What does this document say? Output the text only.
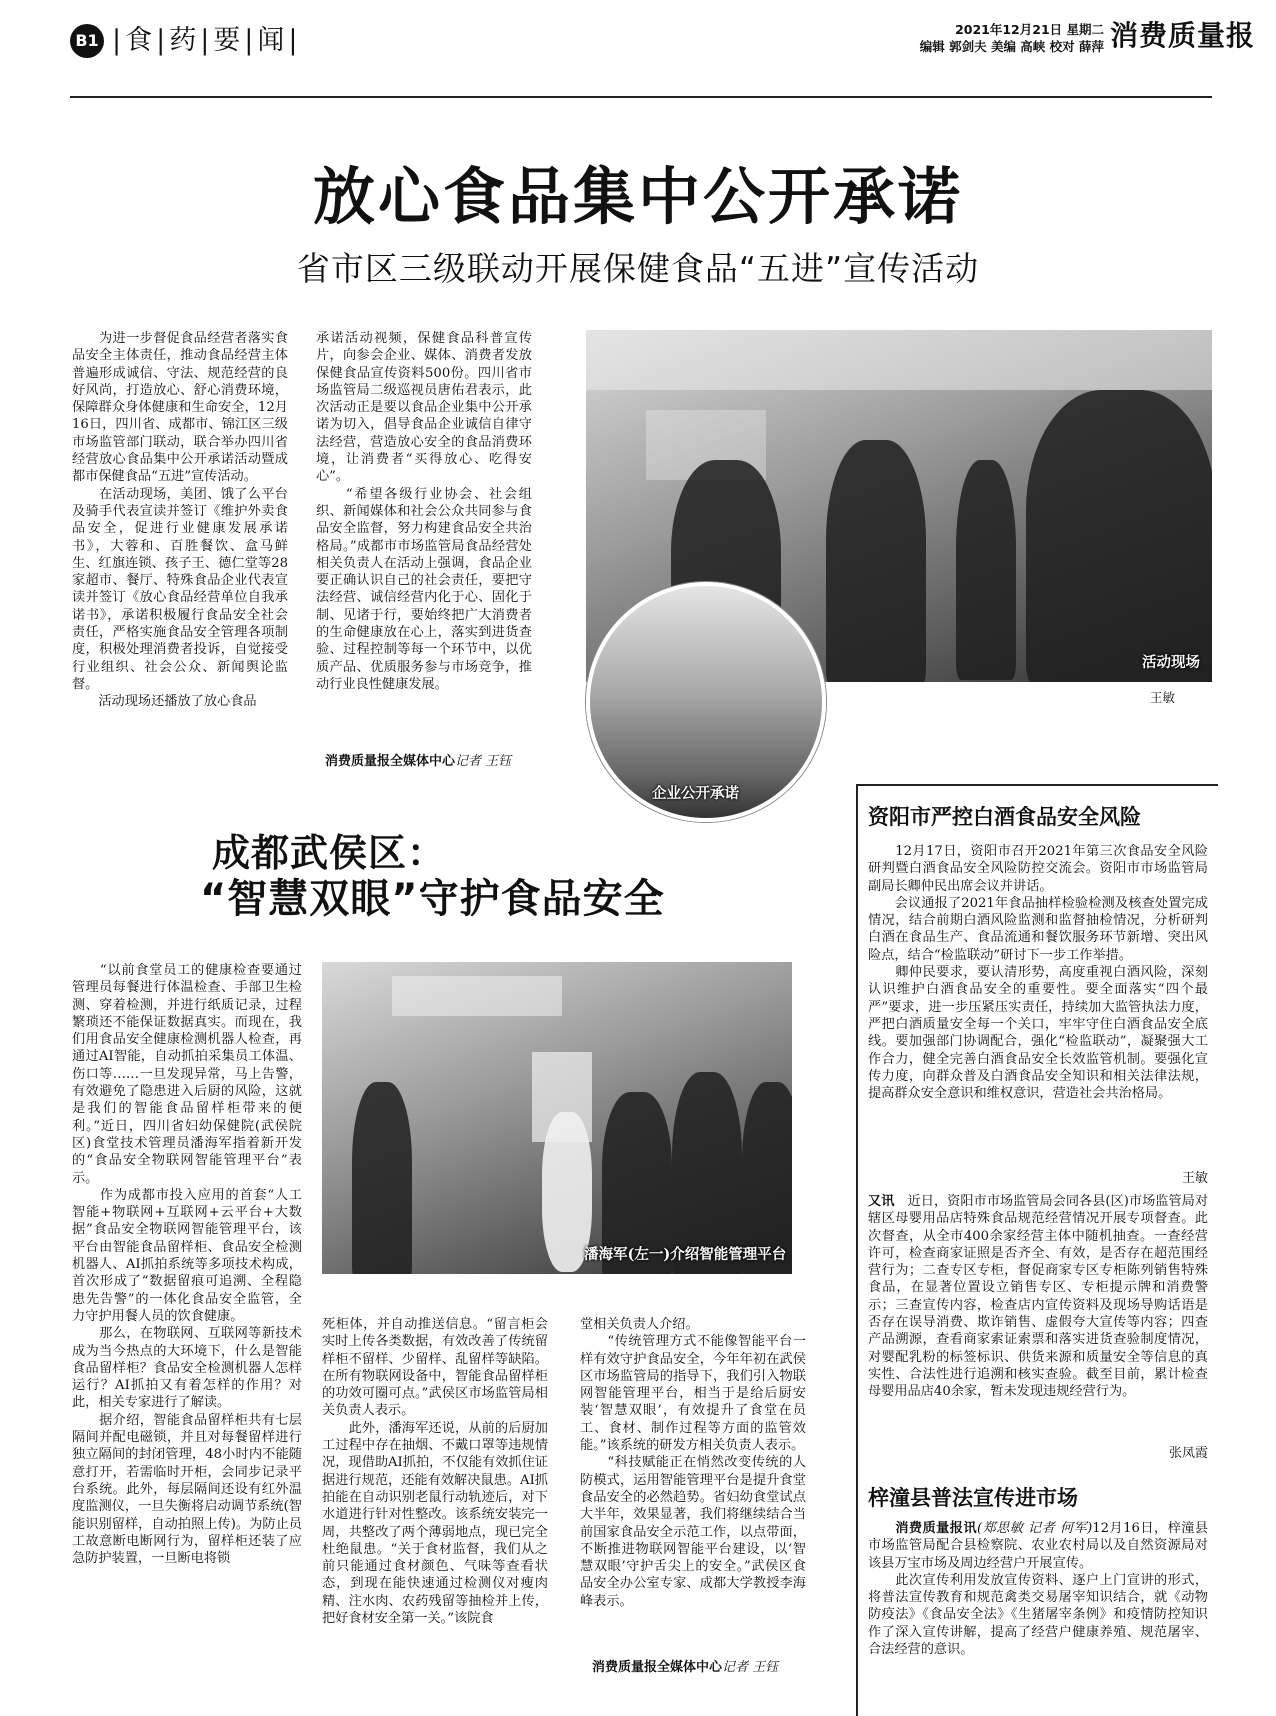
B1 |食|药|要|闻|	2021年12月21日 星期二
编辑 郭剑夫 美编 高峡 校对 薛萍 消费质量报
放心食品集中公开承诺
省市区三级联动开展保健食品“五进”宣传活动
　　为进一步督促食品经营者落实食品安全主体责任，推动食品经营主体普遍形成诚信、守法、规范经营的良好风尚，打造放心、舒心消费环境，保障群众身体健康和生命安全，12月16日，四川省、成都市、锦江区三级市场监管部门联动，联合举办四川省经营放心食品集中公开承诺活动暨成都市保健食品“五进”宣传活动。
　　在活动现场，美团、饿了么平台及骑手代表宣读并签订《维护外卖食品安全，促进行业健康发展承诺书》，大蓉和、百胜餐饮、盒马鲜生、红旗连锁、孩子王、德仁堂等28家超市、餐厅、特殊食品企业代表宣读并签订《放心食品经营单位自我承诺书》，承诺积极履行食品安全社会责任，严格实施食品安全管理各项制度，积极处理消费者投诉，自觉接受行业组织、社会公众、新闻舆论监督。
　　活动现场还播放了放心食品
承诺活动视频，保健食品科普宣传片，向参会企业、媒体、消费者发放保健食品宣传资料500份。四川省市场监管局二级巡视员唐佑君表示，此次活动正是要以食品企业集中公开承诺为切入，倡导食品企业诚信自律守法经营，营造放心安全的食品消费环境，让消费者“买得放心、吃得安心”。
　　“希望各级行业协会、社会组织、新闻媒体和社会公众共同参与食品安全监督，努力构建食品安全共治格局。”成都市市场监管局食品经营处相关负责人在活动上强调，食品企业要正确认识自己的社会责任，要把守法经营、诚信经营内化于心、固化于制、见诸于行，要始终把广大消费者的生命健康放在心上，落实到进货查验、过程控制等每一个环节中，以优质产品、优质服务参与市场竞争，推动行业良性健康发展。
消费质量报全媒体中心记者 王钰
活动现场
王敏
企业公开承诺
成都武侯区：
“智慧双眼”守护食品安全
潘海军(左一)介绍智能管理平台
　　“以前食堂员工的健康检查要通过管理员每餐进行体温检查、手部卫生检测、穿着检测，并进行纸质记录，过程繁琐还不能保证数据真实。而现在，我们用食品安全健康检测机器人检查，再通过AI智能，自动抓拍采集员工体温、伤口等……一旦发现异常，马上告警，有效避免了隐患进入后厨的风险，这就是我们的智能食品留样柜带来的便利。”近日，四川省妇幼保健院(武侯院区)食堂技术管理员潘海军指着新开发的“食品安全物联网智能管理平台”表示。
　　作为成都市投入应用的首套“人工智能+物联网+互联网+云平台+大数据”食品安全物联网智能管理平台，该平台由智能食品留样柜、食品安全检测机器人、AI抓拍系统等多项技术构成，首次形成了“数据留痕可追溯、全程隐患先告警”的一体化食品安全监管，全力守护用餐人员的饮食健康。
　　那么，在物联网、互联网等新技术成为当今热点的大环境下，什么是智能食品留样柜？食品安全检测机器人怎样运行？AI抓拍又有着怎样的作用？对此，相关专家进行了解读。
　　据介绍，智能食品留样柜共有七层隔间并配电磁锁，并且对每餐留样进行独立隔间的封闭管理，48小时内不能随意打开，若需临时开柜，会同步记录平台系统。此外，每层隔间还设有红外温度监测仪，一旦失衡将启动调节系统(智能识别留样，自动拍照上传)。为防止员工故意断电断网行为，留样柜还装了应急防护装置，一旦断电将锁
死柜体，并自动推送信息。“留言柜会实时上传各类数据，有效改善了传统留样柜不留样、少留样、乱留样等缺陷。在所有物联网设备中，智能食品留样柜的功效可圈可点。”武侯区市场监管局相关负责人表示。
　　此外，潘海军还说，从前的后厨加工过程中存在抽烟、不戴口罩等违规情况，现借助AI抓拍，不仅能有效抓住证据进行规范，还能有效解决鼠患。AI抓拍能在自动识别老鼠行动轨迹后，对下水道进行针对性整改。该系统安装完一周，共整改了两个薄弱地点，现已完全杜绝鼠患。“关于食材监督，我们从之前只能通过食材颜色、气味等查看状态，到现在能快速通过检测仪对瘦肉精、注水肉、农药残留等抽检并上传，把好食材安全第一关。”该院食
堂相关负责人介绍。
　　“传统管理方式不能像智能平台一样有效守护食品安全，今年年初在武侯区市场监管局的指导下，我们引入物联网智能管理平台，相当于是给后厨安装‘智慧双眼’，有效提升了食堂在员工、食材、制作过程等方面的监管效能。”该系统的研发方相关负责人表示。
　　“科技赋能正在悄然改变传统的人防模式，运用智能管理平台是提升食堂食品安全的必然趋势。省妇幼食堂试点大半年，效果显著，我们将继续结合当前国家食品安全示范工作，以点带面，不断推进物联网智能平台建设，以‘智慧双眼’守护舌尖上的安全。”武侯区食品安全办公室专家、成都大学教授李海峰表示。
消费质量报全媒体中心记者 王钰
资阳市严控白酒食品安全风险
　　12月17日，资阳市召开2021年第三次食品安全风险研判暨白酒食品安全风险防控交流会。资阳市市场监管局副局长卿仲民出席会议并讲话。
　　会议通报了2021年食品抽样检验检测及核查处置完成情况，结合前期白酒风险监测和监督抽检情况，分析研判白酒在食品生产、食品流通和餐饮服务环节新增、突出风险点，结合“检监联动”研讨下一步工作举措。
　　卿仲民要求，要认清形势，高度重视白酒风险，深刻认识维护白酒食品安全的重要性。要全面落实“四个最严”要求，进一步压紧压实责任，持续加大监管执法力度，严把白酒质量安全每一个关口，牢牢守住白酒食品安全底线。要加强部门协调配合，强化“检监联动”，凝聚强大工作合力，健全完善白酒食品安全长效监管机制。要强化宣传力度，向群众普及白酒食品安全知识和相关法律法规，提高群众安全意识和维权意识，营造社会共治格局。
王敏
又讯　 近日，资阳市市场监管局会同各县(区)市场监管局对辖区母婴用品店特殊食品规范经营情况开展专项督查。此次督查，从全市400余家经营主体中随机抽查。一查经营许可，检查商家证照是否齐全、有效，是否存在超范围经营行为；二查专区专柜，督促商家专区专柜陈列销售特殊食品，在显著位置设立销售专区、专柜提示牌和消费警示；三查宣传内容，检查店内宣传资料及现场导购话语是否存在误导消费、欺诈销售、虚假夸大宣传等内容；四查产品溯源，查看商家索证索票和落实进货查验制度情况，对婴配乳粉的标签标识、供货来源和质量安全等信息的真实性、合法性进行追溯和核实查验。截至目前，累计检查母婴用品店40余家，暂未发现违规经营行为。
张凤霞
梓潼县普法宣传进市场
　　消费质量报讯(郑思敏 记者 何军)12月16日，梓潼县市场监管局配合县检察院、农业农村局以及自然资源局对该县万宝市场及周边经营户开展宣传。
　　此次宣传利用发放宣传资料、逐户上门宣讲的形式，将普法宣传教育和规范禽类交易屠宰知识结合，就《动物防疫法》《食品安全法》《生猪屠宰条例》和疫情防控知识作了深入宣传讲解，提高了经营户健康养殖、规范屠宰、合法经营的意识。
